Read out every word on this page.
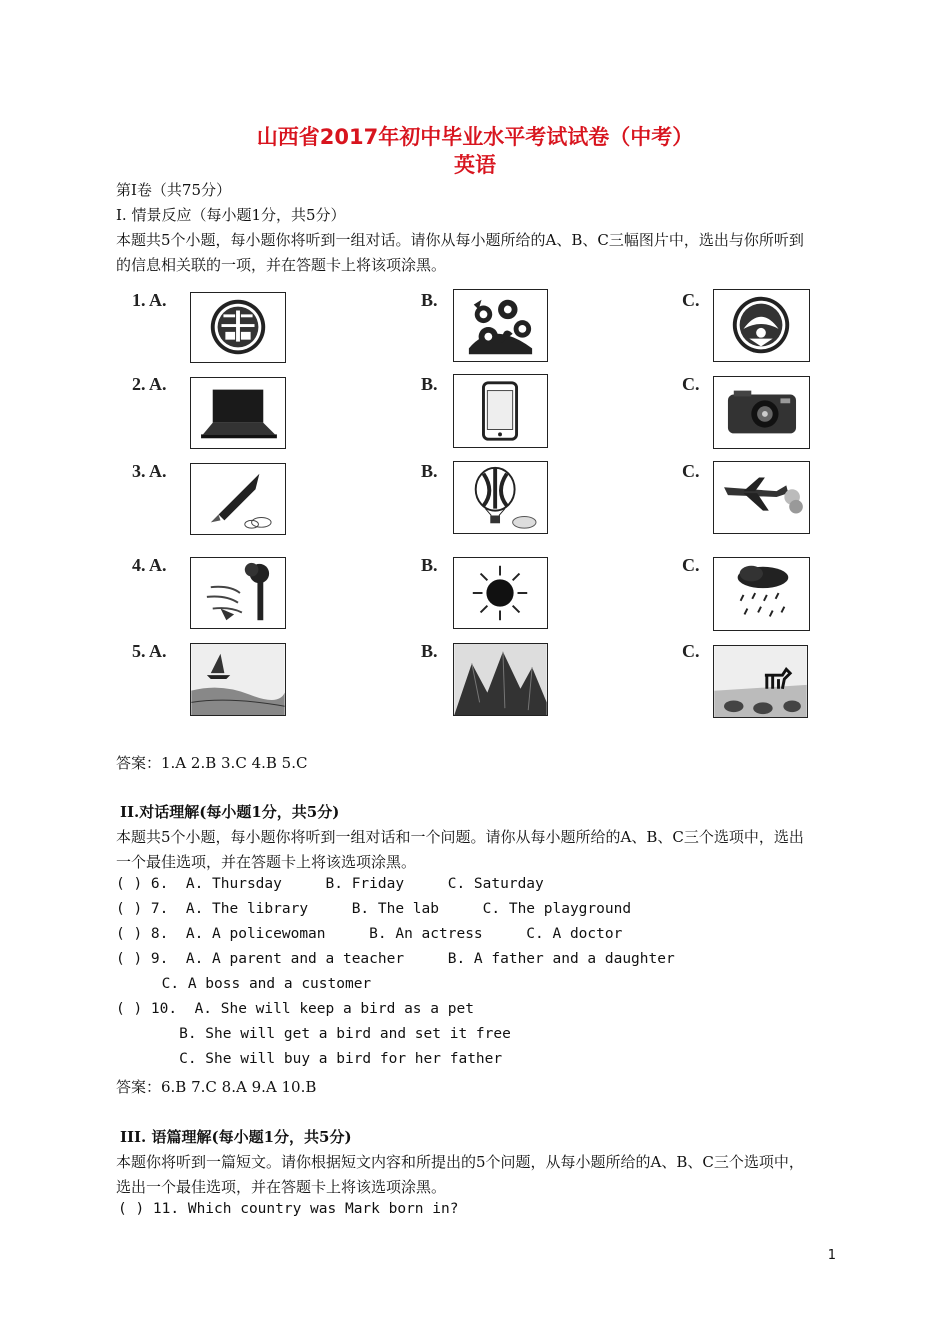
山西省2017年初中毕业水平考试试卷（中考）
英语
第Ⅰ卷（共75分）
I. 情景反应（每小题1分，共5分）
本题共5个小题，每小题你将听到一组对话。请你从每小题所给的A、B、C三幅图片中，选出与你所听到
的信息相关联的一项，并在答题卡上将该项涂黑。
1. A.	B.	C.
2. A.	B.	C.
3. A.	B.	C.
4. A.	B.	C.
5. A.	B.	C.
答案：1.A 2.B 3.C 4.B 5.C
II.对话理解(每小题1分，共5分)
本题共5个小题，每小题你将听到一组对话和一个问题。请你从每小题所给的A、B、C三个选项中，选出
一个最佳选项，并在答题卡上将该选项涂黑。
( ) 6.  A. Thursday     B. Friday     C. Saturday
( ) 7.  A. The library     B. The lab     C. The playground
( ) 8.  A. A policewoman     B. An actress     C. A doctor
( ) 9.  A. A parent and a teacher     B. A father and a daughter
C. A boss and a customer
( ) 10.  A. She will keep a bird as a pet
B. She will get a bird and set it free
C. She will buy a bird for her father
答案：6.B 7.C 8.A 9.A 10.B
III. 语篇理解(每小题1分，共5分)
本题你将听到一篇短文。请你根据短文内容和所提出的5个问题，从每小题所给的A、B、C三个选项中，
选出一个最佳选项，并在答题卡上将该选项涂黑。
( ) 11. Which country was Mark born in?
1
